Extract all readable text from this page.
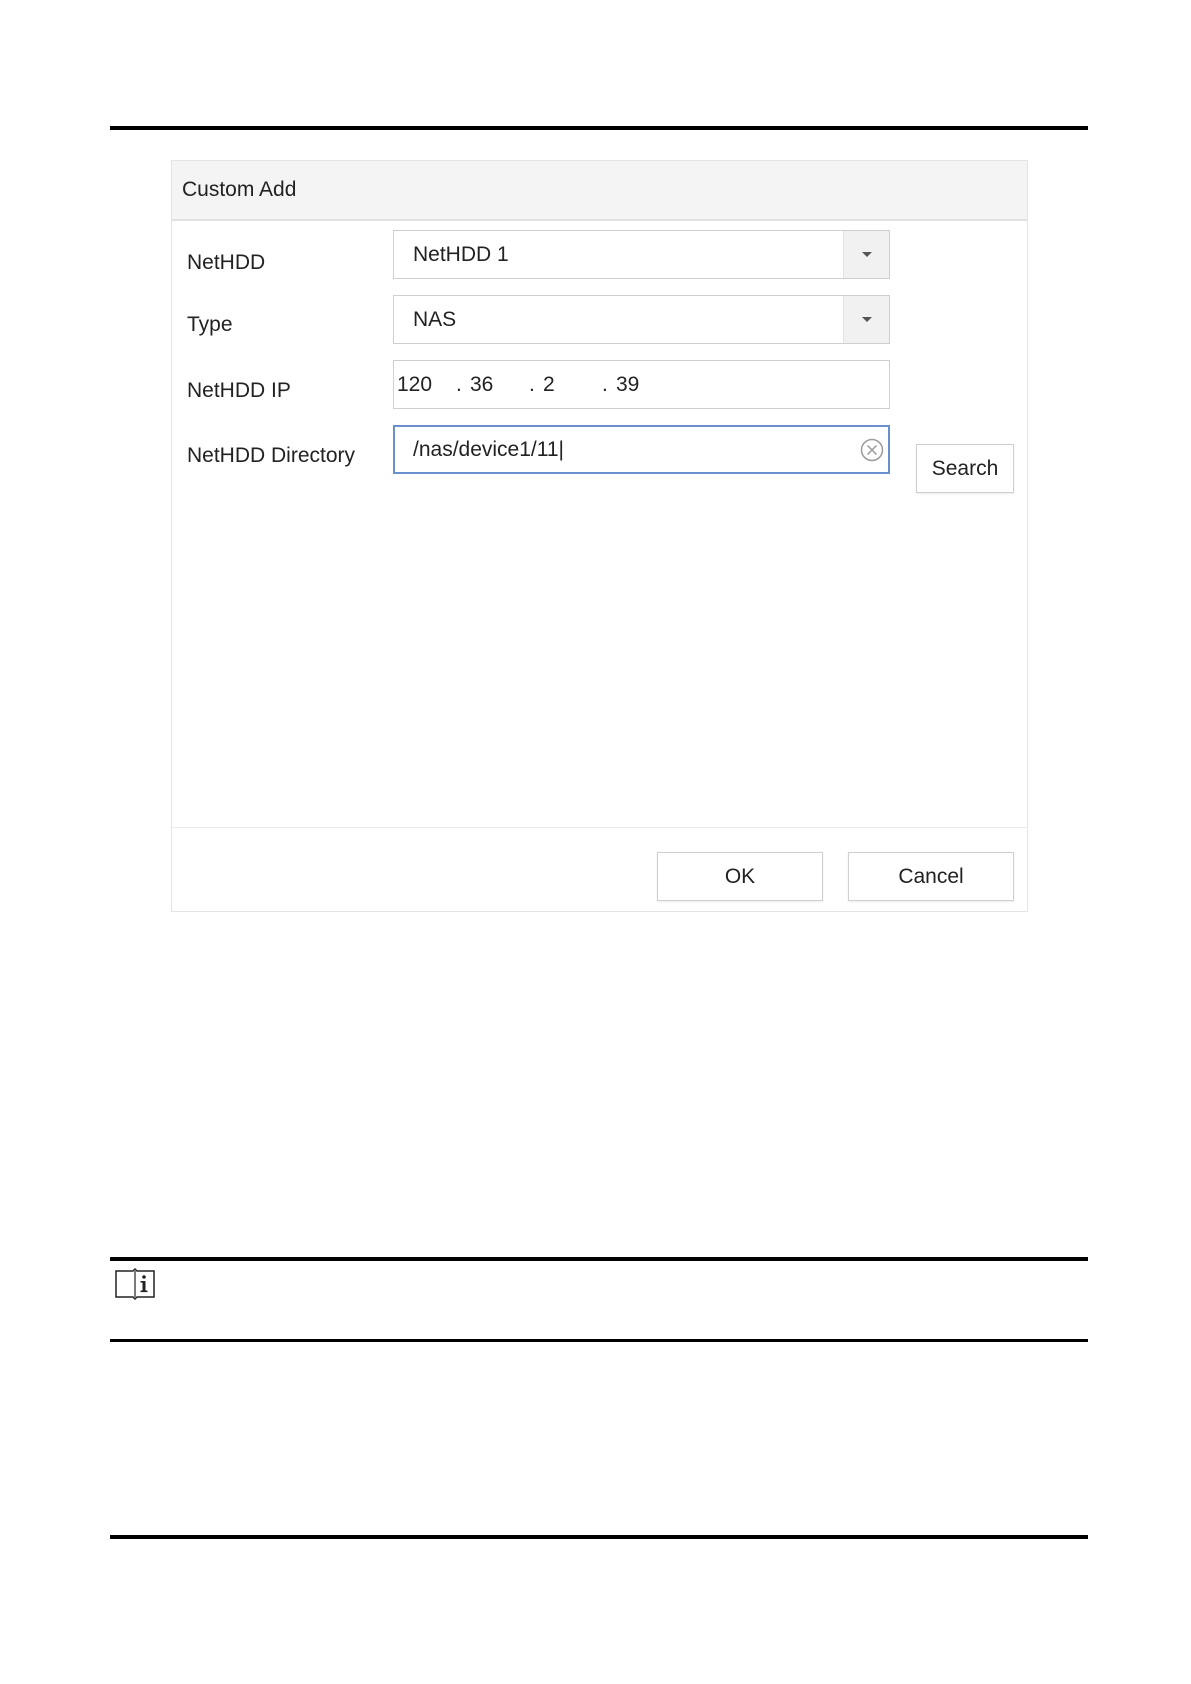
Custom Add
NetHDD	NetHDD 1
Type	NAS
NetHDD IP	120 . 36 . 2 . 39
NetHDD Directory	/nas/device1/11|
Search
OK	Cancel
